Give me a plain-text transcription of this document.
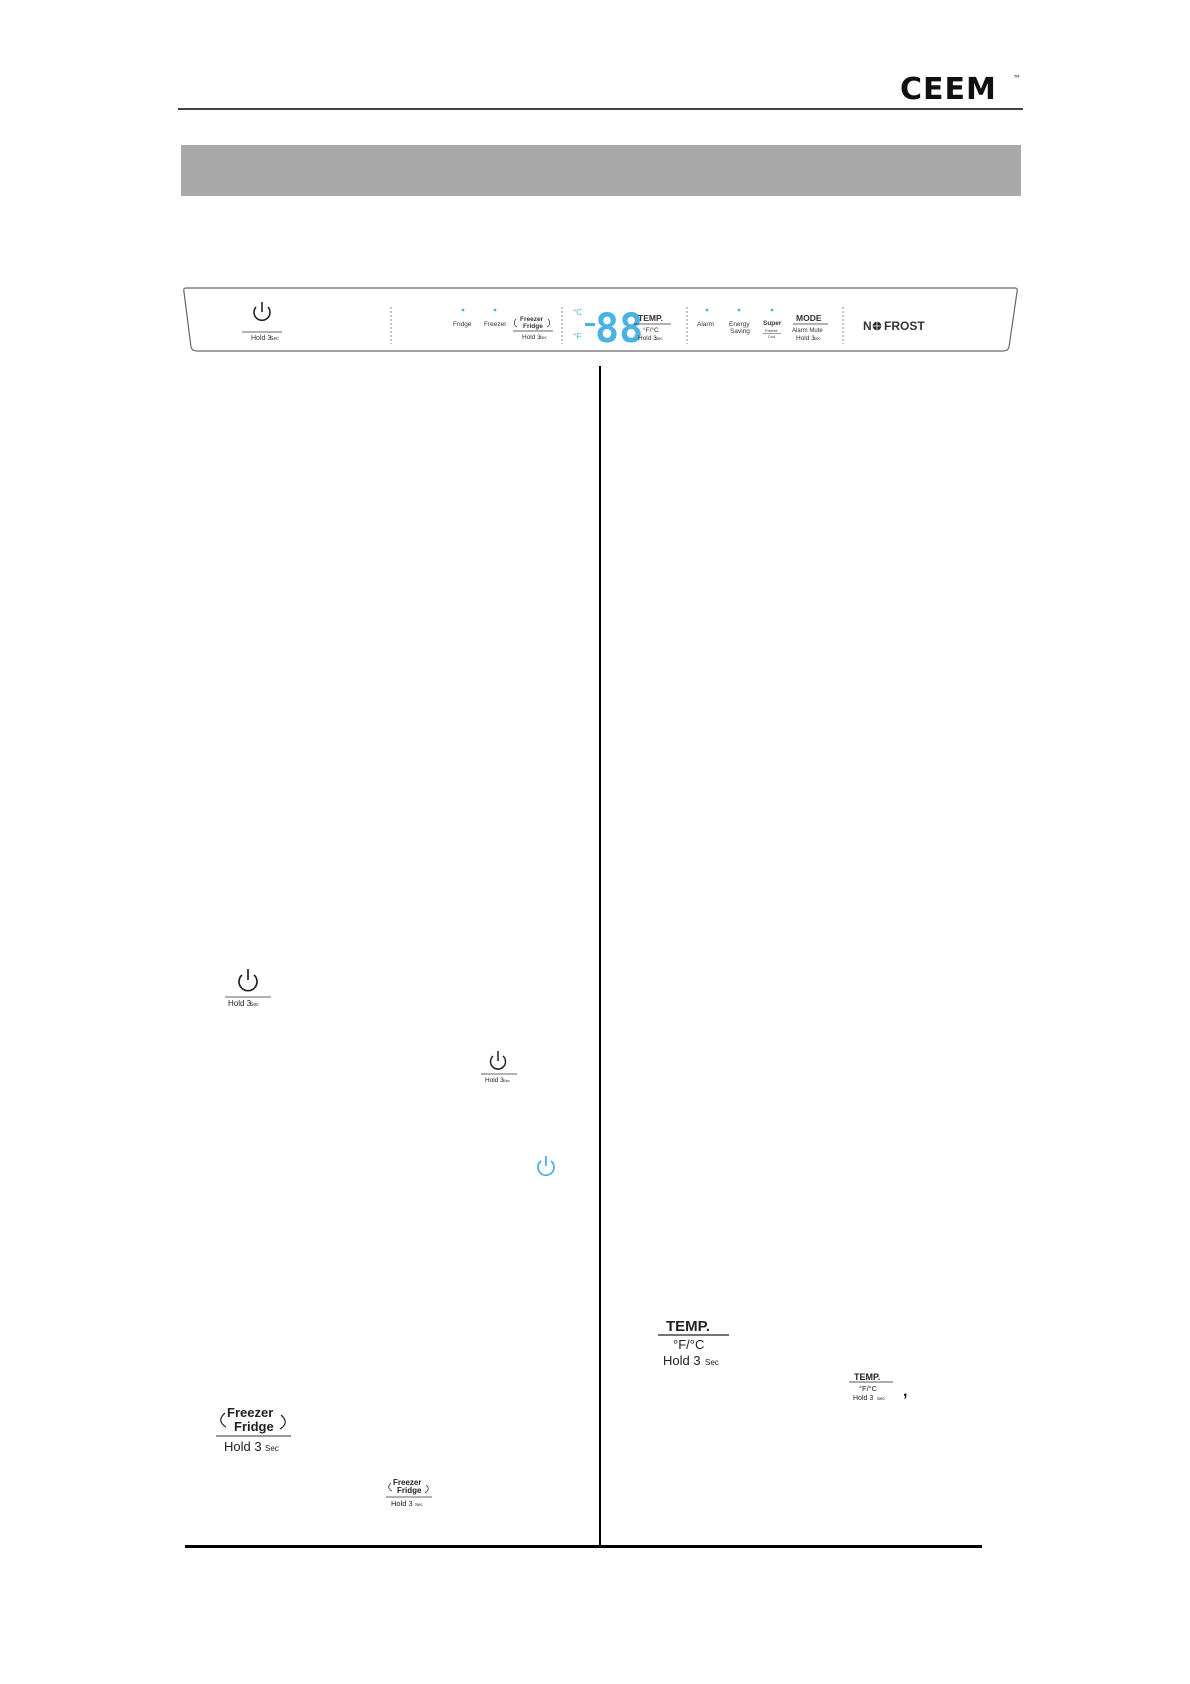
CEEM ™
Hold 3
Sec
Fridge Freezer
Freezer
Fridge
Hold 3
Sec
°C
°F 88
TEMP.
°F/°C
Hold 3
Sec
Alarm Energy
Saving
Super
Freeze
Cool
MODE
Alarm Mute
Hold 3
Sec
N FROST
Hold 3
Sec
Hold 3 Sec
Freezer
Fridge
Hold 3 Sec
Freezer
Fridge
Hold 3 Sec
TEMP.
°F/°C
Hold 3 Sec
TEMP.
°F/°C
Hold 3 Sec ,
